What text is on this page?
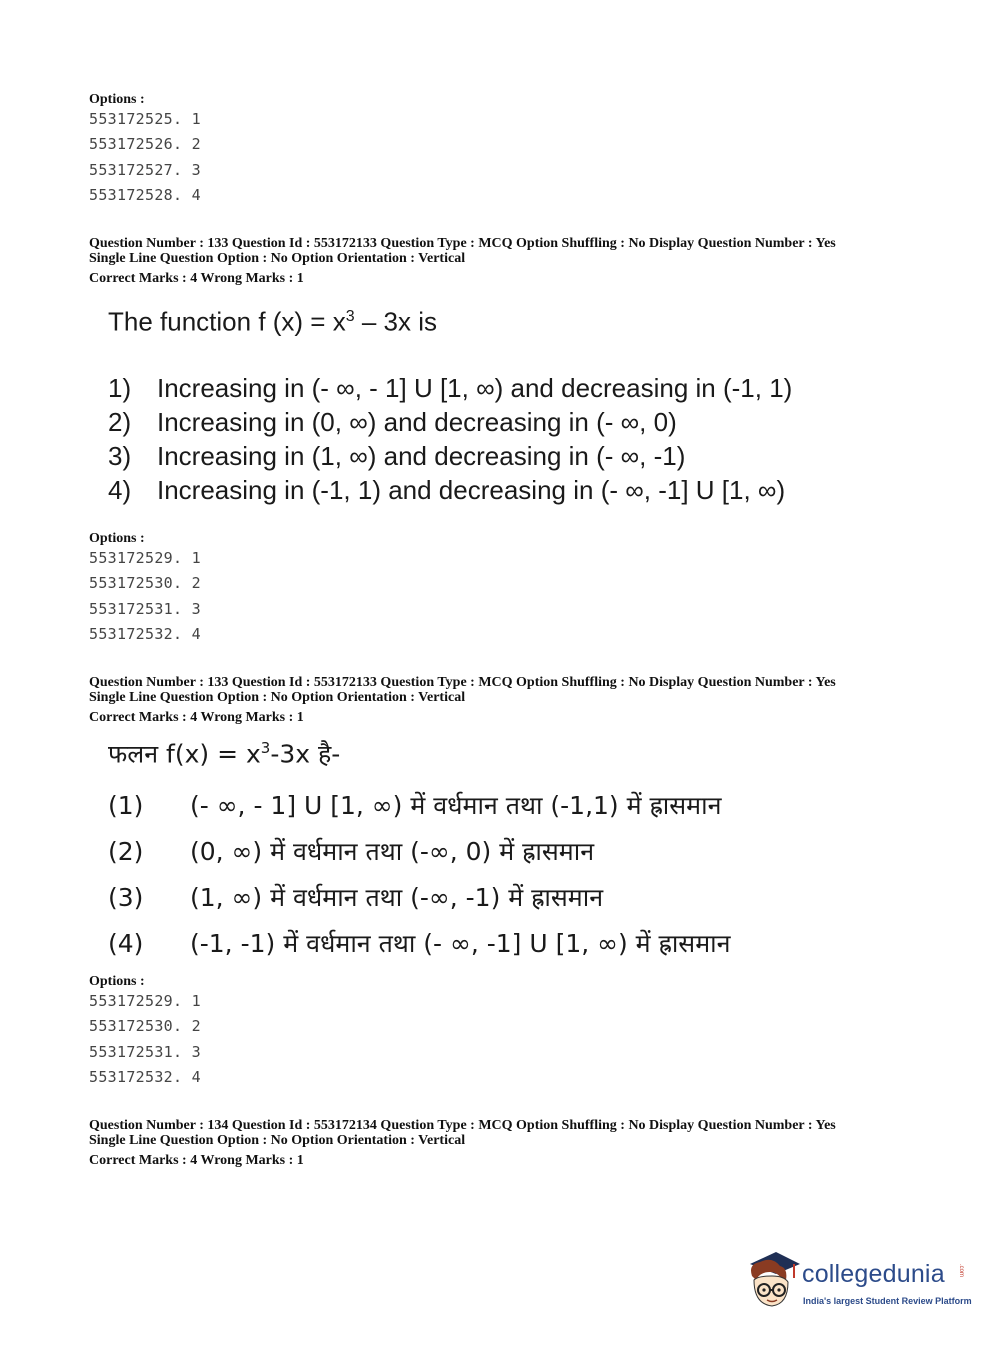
Options :
553172525. 1
553172526. 2
553172527. 3
553172528. 4
Question Number : 133 Question Id : 553172133 Question Type : MCQ Option Shuffling : No Display Question Number : Yes
Single Line Question Option : No Option Orientation : Vertical
Correct Marks : 4 Wrong Marks : 1
The function f $(x) = x^3 - 3x$ is
1) Increasing in (- ∞, - 1] U [1, ∞) and decreasing in (-1, 1)
2) Increasing in (0, ∞) and decreasing in (- ∞, 0)
3) Increasing in (1, ∞) and decreasing in (- ∞, -1)
4) Increasing in (-1, 1) and decreasing in (- ∞, -1] U [1, ∞)
Options :
553172529. 1
553172530. 2
553172531. 3
553172532. 4
Question Number : 133 Question Id : 553172133 Question Type : MCQ Option Shuffling : No Display Question Number : Yes
Single Line Question Option : No Option Orientation : Vertical
Correct Marks : 4 Wrong Marks : 1
फलन $f(x) = x^3-3x$ है-
(1)	(- ∞, - 1] U [1, ∞) में वर्धमान तथा (-1,1) में ह्रासमान
(2)	(0, ∞) में वर्धमान तथा (-∞, 0) में ह्रासमान
(3)	(1, ∞) में वर्धमान तथा (-∞, -1) में ह्रासमान
(4)	(-1, -1) में वर्धमान तथा (- ∞, -1] U [1, ∞) में ह्रासमान
Options :
553172529. 1
553172530. 2
553172531. 3
553172532. 4
Question Number : 134 Question Id : 553172134 Question Type : MCQ Option Shuffling : No Display Question Number : Yes
Single Line Question Option : No Option Orientation : Vertical
Correct Marks : 4 Wrong Marks : 1
collegedunia .com
India's largest Student Review Platform
